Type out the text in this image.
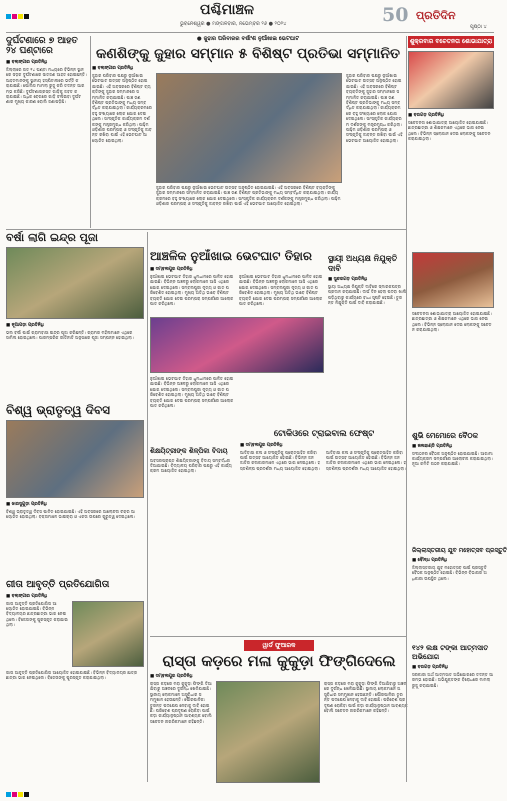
ପଶ୍ଚିମାଞ୍ଚଳ
ଭୁବନେଶ୍ୱର ● ମଙ୍ଗଳବାର, ନଭେମ୍ବର ୨୬ ● ୨୦୨୪	50 ପ୍ରତିଦିନ
ପୃଷ୍ଠା ୪
ଦୁର୍ଘଟଣାରେ ୭ ଆହତ ୨୪ ଘଣ୍ଟାରେ
■ ବଲାଙ୍ଗୀର ପ୍ରତିନିଧି
ଜିଲ୍ଲାରେ ଗତ ୨୪ ଘଣ୍ଟା ମଧ୍ୟରେ ବିଭିନ୍ନ ସ୍ଥାନରେ ସଡ଼କ ଦୁର୍ଘଟଣାରେ ସାତଜଣ ଆହତ ହୋଇଛନ୍ତି। ଆହତମାନଙ୍କୁ ସ୍ଥାନୀୟ ହସ୍ପିଟାଲରେ ଭର୍ତ୍ତି କରାଯାଇଛି। ପୋଲିସ ମାମଲା ରୁଜୁ କରି ତଦନ୍ତ ଆରମ୍ଭ କରିଛି। ଦୁର୍ଘଟଣାଗ୍ରସ୍ତ ଗାଡ଼ିକୁ ଜବତ କରାଯାଇଛି। ଅଧିକ ବେଗରେ ଗାଡ଼ି ଚଳାଇବା ଦୁର୍ଘଟଣାର ମୁଖ୍ୟ କାରଣ ବୋଲି ଜଣାପଡ଼ିଛି।
● ଜୁହାର ପରିବାରର ବର୍ଷାଂଶ ନୁଆଁଖାଇ ଭେଟଘାଟ
କଣଶିଙ୍କୁ ଜୁହାର ସମ୍ମାନ ୫ ବିଶିଷ୍ଟ ପ୍ରତିଭା ସମ୍ମାନିତ
■ ବଲାଙ୍ଗୀର ପ୍ରତିନିଧି
ଜୁହାର ପରିବାର ପକ୍ଷରୁ ନୁଆଁଖାଇ ଭେଟଘାଟ ଉତ୍ସବ ଅନୁଷ୍ଠିତ ହୋଇଯାଇଛି। ଏହି ଅବସରରେ ବିଶିଷ୍ଟ ବ୍ୟକ୍ତିଙ୍କୁ ଜୁହାର ସମ୍ମାନରେ ସମ୍ମାନିତ କରାଯାଇଛି। ପାଞ୍ଚ ଜଣ ବିଶିଷ୍ଟ ପ୍ରତିଭାଙ୍କୁ ମଧ୍ୟ ସମ୍ବର୍ଦ୍ଧିତ କରାଯାଇଥିଲା। କାର୍ଯ୍ୟକ୍ରମରେ ବହୁ ସଂଖ୍ୟାରେ ଲୋକ ଯୋଗ ଦେଇଥିଲେ। ସାଂସ୍କୃତିକ କାର୍ଯ୍ୟକ୍ରମ ଦର୍ଶକଙ୍କୁ ମନ୍ତ୍ରମୁଗ୍ଧ କରିଥିଲା। ପଶ୍ଚିମ ଓଡ଼ିଶାର ପରମ୍ପରା ଓ ସଂସ୍କୃତିକୁ ଜୀବନ୍ତ ରଖିବା ପାଇଁ ଏହି ଭେଟଘାଟ ଆୟୋଜିତ ହୋଇଥିଲା।
ଜୁହାର ପରିବାର ପକ୍ଷରୁ ନୁଆଁଖାଇ ଭେଟଘାଟ ଉତ୍ସବ ଅନୁଷ୍ଠିତ ହୋଇଯାଇଛି। ଏହି ଅବସରରେ ବିଶିଷ୍ଟ ବ୍ୟକ୍ତିଙ୍କୁ ଜୁହାର ସମ୍ମାନରେ ସମ୍ମାନିତ କରାଯାଇଛି। ପାଞ୍ଚ ଜଣ ବିଶିଷ୍ଟ ପ୍ରତିଭାଙ୍କୁ ମଧ୍ୟ ସମ୍ବର୍ଦ୍ଧିତ କରାଯାଇଥିଲା। କାର୍ଯ୍ୟକ୍ରମରେ ବହୁ ସଂଖ୍ୟାରେ ଲୋକ ଯୋଗ ଦେଇଥିଲେ। ସାଂସ୍କୃତିକ କାର୍ଯ୍ୟକ୍ରମ ଦର୍ଶକଙ୍କୁ ମନ୍ତ୍ରମୁଗ୍ଧ କରିଥିଲା। ପଶ୍ଚିମ ଓଡ଼ିଶାର ପରମ୍ପରା ଓ ସଂସ୍କୃତିକୁ ଜୀବନ୍ତ ରଖିବା ପାଇଁ ଏହି ଭେଟଘାଟ ଆୟୋଜିତ ହୋଇଥିଲା।
ଜୁହାର ପରିବାର ପକ୍ଷରୁ ନୁଆଁଖାଇ ଭେଟଘାଟ ଉତ୍ସବ ଅନୁଷ୍ଠିତ ହୋଇଯାଇଛି। ଏହି ଅବସରରେ ବିଶିଷ୍ଟ ବ୍ୟକ୍ତିଙ୍କୁ ଜୁହାର ସମ୍ମାନରେ ସମ୍ମାନିତ କରାଯାଇଛି। ପାଞ୍ଚ ଜଣ ବିଶିଷ୍ଟ ପ୍ରତିଭାଙ୍କୁ ମଧ୍ୟ ସମ୍ବର୍ଦ୍ଧିତ କରାଯାଇଥିଲା। କାର୍ଯ୍ୟକ୍ରମରେ ବହୁ ସଂଖ୍ୟାରେ ଲୋକ ଯୋଗ ଦେଇଥିଲେ। ସାଂସ୍କୃତିକ କାର୍ଯ୍ୟକ୍ରମ ଦର୍ଶକଙ୍କୁ ମନ୍ତ୍ରମୁଗ୍ଧ କରିଥିଲା। ପଶ୍ଚିମ ଓଡ଼ିଶାର ପରମ୍ପରା ଓ ସଂସ୍କୃତିକୁ ଜୀବନ୍ତ ରଖିବା ପାଇଁ ଏହି ଭେଟଘାଟ ଆୟୋଜିତ ହୋଇଥିଲା।
ଶୁକ୍ରବାର ବଚେତନତା ଶୋଭାଯାତ୍ରା
■ ବରଗଡ଼ ପ୍ରତିନିଧି
ସଚେତନତା ଶୋଭାଯାତ୍ରା ଆୟୋଜିତ ହୋଇଯାଇଛି। ଛାତ୍ରଛାତ୍ରୀ ଓ ଶିକ୍ଷକମାନେ ଏଥିରେ ଭାଗ ନେଇଥିଲେ। ବିଭିନ୍ନ ସ୍ଲୋଗାନ ଦେଇ ଲୋକଙ୍କୁ ସଚେତନ କରାଯାଇଥିଲା।
ବର୍ଷା ଲାଗି ଇନ୍ଦ୍ର ପୂଜା
■ ନୂଆପଡ଼ା ପ୍ରତିନିଧି
ଭଲ ବର୍ଷା ପାଇଁ ଗ୍ରାମବାସୀ ଇନ୍ଦ୍ର ପୂଜା କରିଛନ୍ତି। ଗ୍ରାମର ମହିଳାମାନେ ଏଥିରେ ସାମିଲ ହୋଇଥିଲେ। ପାରମ୍ପରିକ ରୀତିନୀତି ଅନୁସାରେ ପୂଜା ସମ୍ପନ୍ନ ହୋଇଥିଲା।
ଆଞ୍ଚଳିକ ନୁଆଁଖାଇ ଭେଟଘାଟ ତିହାର
■ ସମ୍ବଲପୁର ପ୍ରତିନିଧି
ନୁଆଁଖାଇ ଭେଟଘାଟ ତିହାର ଧୁମଧାମରେ ପାଳିତ ହୋଇଯାଇଛି। ବିଭିନ୍ନ ଅଞ୍ଚଳରୁ ଲୋକମାନେ ଆସି ଏଥିରେ ଯୋଗ ଦେଇଥିଲେ। ସମ୍ବଲପୁରୀ ନୃତ୍ୟ ଓ ଗୀତ ପରିବେଶିତ ହୋଇଥିଲା। ମୁଖ୍ୟ ଅତିଥି ଭାବେ ବିଶିଷ୍ଟ ବ୍ୟକ୍ତି ଯୋଗ ଦେଇ ପରମ୍ପରା ସମ୍ପର୍କରେ ଆଲୋକପାତ କରିଥିଲେ।
ନୁଆଁଖାଇ ଭେଟଘାଟ ତିହାର ଧୁମଧାମରେ ପାଳିତ ହୋଇଯାଇଛି। ବିଭିନ୍ନ ଅଞ୍ଚଳରୁ ଲୋକମାନେ ଆସି ଏଥିରେ ଯୋଗ ଦେଇଥିଲେ। ସମ୍ବଲପୁରୀ ନୃତ୍ୟ ଓ ଗୀତ ପରିବେଶିତ ହୋଇଥିଲା। ମୁଖ୍ୟ ଅତିଥି ଭାବେ ବିଶିଷ୍ଟ ବ୍ୟକ୍ତି ଯୋଗ ଦେଇ ପରମ୍ପରା ସମ୍ପର୍କରେ ଆଲୋକପାତ କରିଥିଲେ।
ସ୍ଥାୟୀ ଅଧ୍ୟକ୍ଷ ନିଯୁକ୍ତି ଦାବି
■ ସୁନ୍ଦରଗଡ଼ ପ୍ରତିନିଧି
ସ୍ଥାୟୀ ଅଧ୍ୟକ୍ଷ ନିଯୁକ୍ତି ଦାବିରେ ସ୍ମାରକପତ୍ର ପ୍ରଦାନ କରାଯାଇଛି। ଦୀର୍ଘ ଦିନ ହେଲା ପଦବୀ ଖାଲି ପଡ଼ିଥିବାରୁ କାର୍ଯ୍ୟରେ ବାଧା ସୃଷ୍ଟି ହେଉଛି। ତୁରନ୍ତ ନିଯୁକ୍ତି ପାଇଁ ଦାବି କରାଯାଇଛି।
ସଚେତନତା ଶୋଭାଯାତ୍ରା ଆୟୋଜିତ ହୋଇଯାଇଛି। ଛାତ୍ରଛାତ୍ରୀ ଓ ଶିକ୍ଷକମାନେ ଏଥିରେ ଭାଗ ନେଇଥିଲେ। ବିଭିନ୍ନ ସ୍ଲୋଗାନ ଦେଇ ଲୋକଙ୍କୁ ସଚେତନ କରାଯାଇଥିଲା।
ବିଶ୍ୱ ଭ୍ରାତୃତ୍ୱ ଦିବସ
■ ଝାରସୁଗୁଡ଼ା ପ୍ରତିନିଧି
ବିଶ୍ୱ ଭ୍ରାତୃତ୍ୱ ଦିବସ ପାଳିତ ହୋଇଯାଇଛି। ଏହି ଅବସରରେ ଆଲୋଚନା ଚକ୍ର ଆୟୋଜିତ ହୋଇଥିଲା। ବକ୍ତାମାନେ ଭାଇଚାରା ଓ ଏକତା ଉପରେ ଗୁରୁତ୍ୱ ଦେଇଥିଲେ।
ନୁଆଁଖାଇ ଭେଟଘାଟ ତିହାର ଧୁମଧାମରେ ପାଳିତ ହୋଇଯାଇଛି। ବିଭିନ୍ନ ଅଞ୍ଚଳରୁ ଲୋକମାନେ ଆସି ଏଥିରେ ଯୋଗ ଦେଇଥିଲେ। ସମ୍ବଲପୁରୀ ନୃତ୍ୟ ଓ ଗୀତ ପରିବେଶିତ ହୋଇଥିଲା। ମୁଖ୍ୟ ଅତିଥି ଭାବେ ବିଶିଷ୍ଟ ବ୍ୟକ୍ତି ଯୋଗ ଦେଇ ପରମ୍ପରା ସମ୍ପର୍କରେ ଆଲୋକପାତ କରିଥିଲେ।
ଶିକ୍ଷୟିତ୍ରୀଙ୍କ ଶିଳ୍ପିକା ବିଦାୟ
ଅବସରପ୍ରାପ୍ତ ଶିକ୍ଷୟିତ୍ରୀଙ୍କୁ ବିଦାୟ ସମ୍ବର୍ଦ୍ଧନା ଦିଆଯାଇଛି। ବିଦ୍ୟାଳୟ ପରିବାର ପକ୍ଷରୁ ଏହି କାର୍ଯ୍ୟକ୍ରମ ଆୟୋଜିତ ହୋଇଥିଲା।
ଟୋକିଓରେ ଟ୍ରାଇବାଲ ଫେଷ୍ଟ
■ ସମ୍ବଲପୁର ପ୍ରତିନିଧି
ଆଦିବାସୀ କଳା ଓ ସଂସ୍କୃତିକୁ ପ୍ରୋତ୍ସାହିତ କରିବା ପାଇଁ ଉତ୍ସବ ଆୟୋଜିତ ହୋଇଛି। ବିଭିନ୍ନ ଜନଜାତିର କଳାକାରମାନେ ଏଥିରେ ଭାଗ ନେଇଥିଲେ। ହସ୍ତଶିଳ୍ପ ପ୍ରଦର୍ଶନୀ ମଧ୍ୟ ଆୟୋଜିତ ହୋଇଥିଲା।
ଆଦିବାସୀ କଳା ଓ ସଂସ୍କୃତିକୁ ପ୍ରୋତ୍ସାହିତ କରିବା ପାଇଁ ଉତ୍ସବ ଆୟୋଜିତ ହୋଇଛି। ବିଭିନ୍ନ ଜନଜାତିର କଳାକାରମାନେ ଏଥିରେ ଭାଗ ନେଇଥିଲେ। ହସ୍ତଶିଳ୍ପ ପ୍ରଦର୍ଶନୀ ମଧ୍ୟ ଆୟୋଜିତ ହୋଇଥିଲା।
ଶୁଭି ମେମୋରେ ବୈଠକ
■ କଳାହାଣ୍ଡି ପ୍ରତିନିଧି
ସଂଗଠନର ବୈଠକ ଅନୁଷ୍ଠିତ ହୋଇଯାଇଛି। ଆଗାମୀ କାର୍ଯ୍ୟକ୍ରମ ସମ୍ପର୍କରେ ଆଲୋଚନା କରାଯାଇଥିଲା। ନୂଆ କମିଟି ଗଠନ କରାଯାଇଛି।
ଜିଲ୍ଲାସ୍ତରୀୟ ଯୁବ ମହୋତ୍ସବ ପ୍ରସ୍ତୁତି
■ ବୌଦ୍ଧ ପ୍ରତିନିଧି
ଜିଲ୍ଲାସ୍ତରୀୟ ଯୁବ ମହୋତ୍ସବ ପାଇଁ ପ୍ରସ୍ତୁତି ବୈଠକ ଅନୁଷ୍ଠିତ ହୋଇଛି। ବିଭିନ୍ନ ବିଭାଗର ଅଧିକାରୀ ଉପସ୍ଥିତ ଥିଲେ।
ଗୀତା ଆବୃତ୍ତି ପ୍ରତିଯୋଗିତା
■ ବଲାଙ୍ଗୀର ପ୍ରତିନିଧି
ଗୀତା ଆବୃତ୍ତି ପ୍ରତିଯୋଗିତା ଆୟୋଜିତ ହୋଇଯାଇଛି। ବିଭିନ୍ନ ବିଦ୍ୟାଳୟର ଛାତ୍ରଛାତ୍ରୀ ଭାଗ ନେଇଥିଲେ। ବିଜେତାଙ୍କୁ ପୁରସ୍କୃତ କରାଯାଇଥିଲା।
ଗୀତା ଆବୃତ୍ତି ପ୍ରତିଯୋଗିତା ଆୟୋଜିତ ହୋଇଯାଇଛି। ବିଭିନ୍ନ ବିଦ୍ୟାଳୟର ଛାତ୍ରଛାତ୍ରୀ ଭାଗ ନେଇଥିଲେ। ବିଜେତାଙ୍କୁ ପୁରସ୍କୃତ କରାଯାଇଥିଲା।
ୱାର୍ଡ ଫୁଆରକ
ରାସ୍ତା କଡ଼ରେ ମଳା କୁକୁଡ଼ା ଫିଙ୍ଗିଦେଲେ
■ ସମ୍ବଲପୁର ପ୍ରତିନିଧି
ରାସ୍ତା କଡ଼ରେ ମରା କୁକୁଡ଼ା ଫିଙ୍ଗି ଦିଆଯିବାରୁ ଅଞ୍ଚଳରେ ଦୁର୍ଗନ୍ଧ ଖେଳିଯାଇଛି। ସ୍ଥାନୀୟ ଲୋକମାନେ ଅସୁବିଧାର ସମ୍ମୁଖୀନ ହେଉଛନ୍ତି। ପୌରପାଳିକା ତୁରନ୍ତ ପଦକ୍ଷେପ ନେବାକୁ ଦାବି ହୋଇଛି। ପରିବେଶ ପ୍ରଦୂଷଣ ରୋକିବା ପାଇଁ କଡ଼ା କାର୍ଯ୍ୟାନୁଷ୍ଠାନ ଆବଶ୍ୟକ ବୋଲି ସଚେତନ ନାଗରିକମାନେ କହିଛନ୍ତି।
ରାସ୍ତା କଡ଼ରେ ମରା କୁକୁଡ଼ା ଫିଙ୍ଗି ଦିଆଯିବାରୁ ଅଞ୍ଚଳରେ ଦୁର୍ଗନ୍ଧ ଖେଳିଯାଇଛି। ସ୍ଥାନୀୟ ଲୋକମାନେ ଅସୁବିଧାର ସମ୍ମୁଖୀନ ହେଉଛନ୍ତି। ପୌରପାଳିକା ତୁରନ୍ତ ପଦକ୍ଷେପ ନେବାକୁ ଦାବି ହୋଇଛି। ପରିବେଶ ପ୍ରଦୂଷଣ ରୋକିବା ପାଇଁ କଡ଼ା କାର୍ଯ୍ୟାନୁଷ୍ଠାନ ଆବଶ୍ୟକ ବୋଲି ସଚେତନ ନାଗରିକମାନେ କହିଛନ୍ତି।
୧୪୨ ଲକ୍ଷ ଟଙ୍କା ଆତ୍ମସାତ ଅଭିଯୋଗ
■ ବରଗଡ଼ ପ୍ରତିନିଧି
ସରକାରୀ ଅର୍ଥ ଆତ୍ମସାତ ଅଭିଯୋଗରେ ତଦନ୍ତ ଆରମ୍ଭ ହୋଇଛି। ଅଭିଯୁକ୍ତଙ୍କ ବିରୋଧରେ ମାମଲା ରୁଜୁ କରାଯାଇଛି।
